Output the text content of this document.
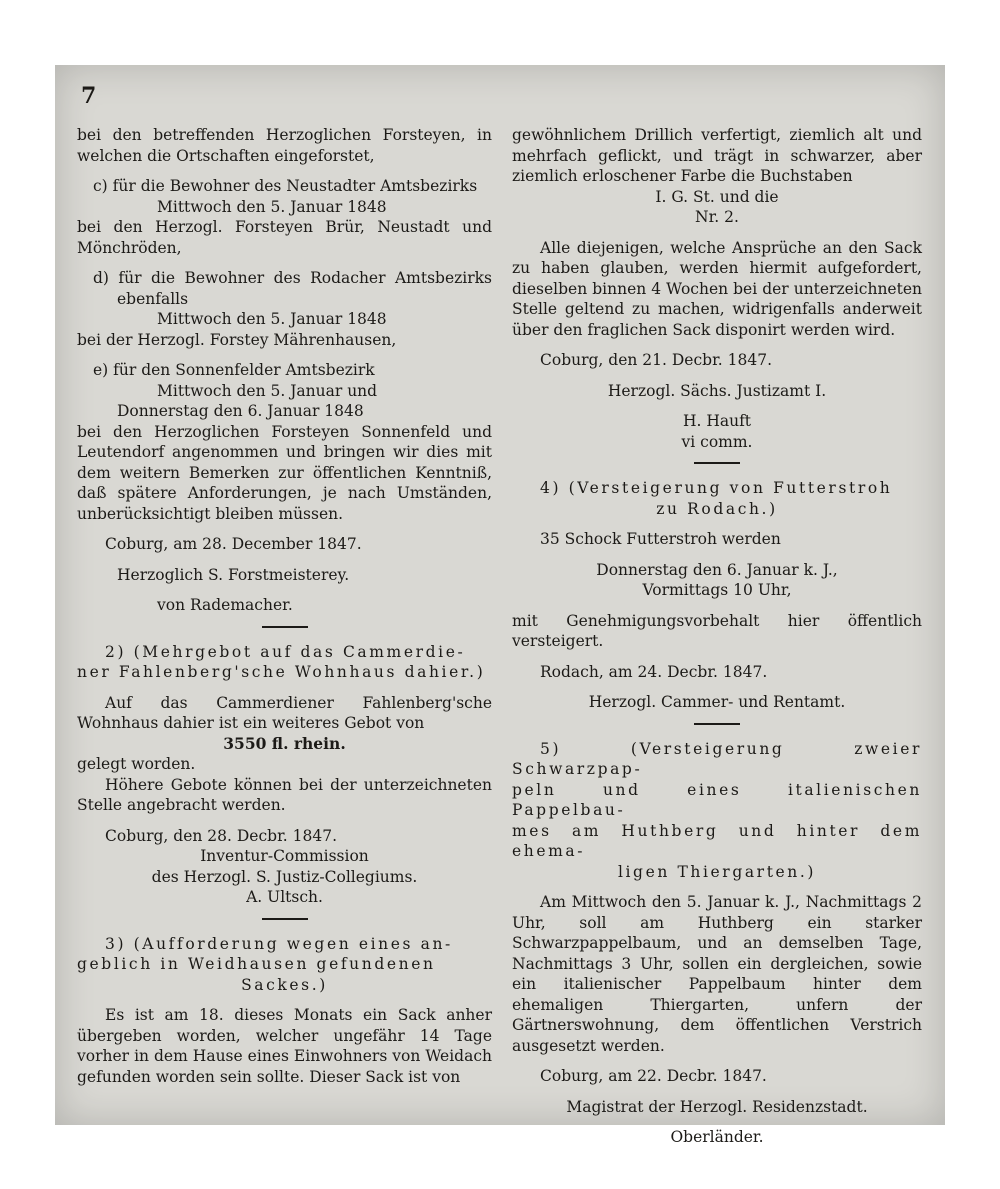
7

bei den betreffenden Herzoglichen Forsteyen, in welchen die Ortschaften eingeforstet,

c) für die Bewohner des Neustadter Amtsbezirks

Mittwoch den 5. Januar 1848

bei den Herzogl. Forsteyen Brür, Neustadt und Mönchröden,

d) für die Bewohner des Rodacher Amtsbezirks ebenfalls

Mittwoch den 5. Januar 1848

bei der Herzogl. Forstey Mährenhausen,

e) für den Sonnenfelder Amtsbezirk

Mittwoch den 5. Januar und

Donnerstag den 6. Januar 1848

bei den Herzoglichen Forsteyen Sonnenfeld und Leutendorf angenommen und bringen wir dies mit dem weitern Bemerken zur öffentlichen Kenntniß, daß spätere Anforderungen, je nach Umständen, unberücksichtigt bleiben müssen.

Coburg, am 28. December 1847.

Herzoglich S. Forstmeisterey.

von Rademacher.

2) (Mehrgebot auf das Cammerdie-

ner Fahlenberg'sche Wohnhaus dahier.)

Auf das Cammerdiener Fahlenberg'sche Wohnhaus dahier ist ein weiteres Gebot von

3550 fl. rhein.

gelegt worden.

Höhere Gebote können bei der unterzeichneten Stelle angebracht werden.

Coburg, den 28. Decbr. 1847.

Inventur-Commission

des Herzogl. S. Justiz-Collegiums.

A. Ultsch.

3) (Aufforderung wegen eines an-

geblich in Weidhausen gefundenen

Sackes.)

Es ist am 18. dieses Monats ein Sack anher übergeben worden, welcher ungefähr 14 Tage vorher in dem Hause eines Einwohners von Weidach gefunden worden sein sollte. Dieser Sack ist von

gewöhnlichem Drillich verfertigt, ziemlich alt und mehrfach geflickt, und trägt in schwarzer, aber ziemlich erloschener Farbe die Buchstaben

I. G. St. und die

Nr. 2.

Alle diejenigen, welche Ansprüche an den Sack zu haben glauben, werden hiermit aufgefordert, dieselben binnen 4 Wochen bei der unterzeichneten Stelle geltend zu machen, widrigenfalls anderweit über den fraglichen Sack disponirt werden wird.

Coburg, den 21. Decbr. 1847.

Herzogl. Sächs. Justizamt I.

H. Hauft

vi comm.

4) (Versteigerung von Futterstroh

zu Rodach.)

35 Schock Futterstroh werden

Donnerstag den 6. Januar k. J.,

Vormittags 10 Uhr,

mit Genehmigungsvorbehalt hier öffentlich versteigert.

Rodach, am 24. Decbr. 1847.

Herzogl. Cammer- und Rentamt.

5) (Versteigerung zweier Schwarzpap-

peln und eines italienischen Pappelbau-

mes am Huthberg und hinter dem ehema-

ligen Thiergarten.)

Am Mittwoch den 5. Januar k. J., Nachmittags 2 Uhr, soll am Huthberg ein starker Schwarzpappelbaum, und an demselben Tage, Nachmittags 3 Uhr, sollen ein dergleichen, sowie ein italienischer Pappelbaum hinter dem ehemaligen Thiergarten, unfern der Gärtnerswohnung, dem öffentlichen Verstrich ausgesetzt werden.

Coburg, am 22. Decbr. 1847.

Magistrat der Herzogl. Residenzstadt.

Oberländer.
